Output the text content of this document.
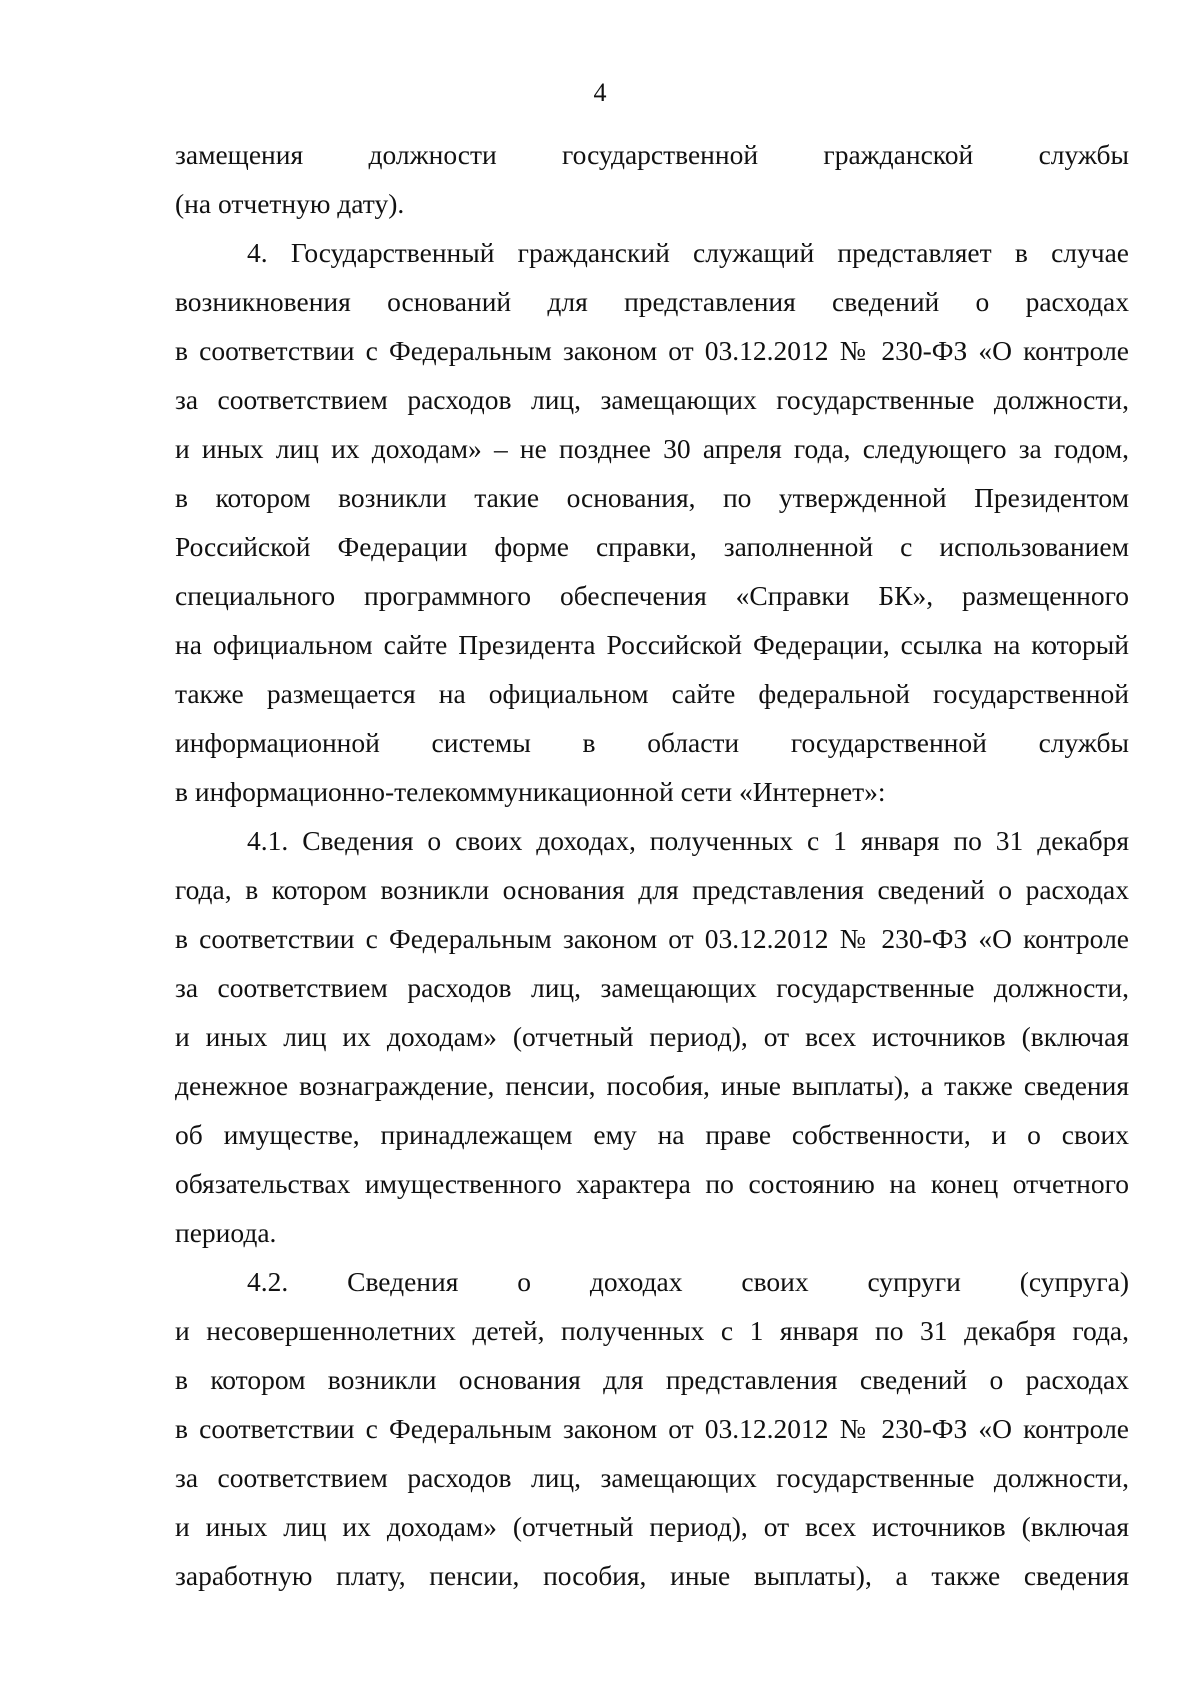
4
замещения должности государственной гражданской службы
(на отчетную дату).
4. Государственный гражданский служащий представляет в случае
возникновения оснований для представления сведений о расходах
в соответствии с Федеральным законом от 03.12.2012 № 230-ФЗ «О контроле
за соответствием расходов лиц, замещающих государственные должности,
и иных лиц их доходам» – не позднее 30 апреля года, следующего за годом,
в котором возникли такие основания, по утвержденной Президентом
Российской Федерации форме справки, заполненной с использованием
специального программного обеспечения «Справки БК», размещенного
на официальном сайте Президента Российской Федерации, ссылка на который
также размещается на официальном сайте федеральной государственной
информационной системы в области государственной службы
в информационно-телекоммуникационной сети «Интернет»:
4.1. Сведения о своих доходах, полученных с 1 января по 31 декабря
года, в котором возникли основания для представления сведений о расходах
в соответствии с Федеральным законом от 03.12.2012 № 230-ФЗ «О контроле
за соответствием расходов лиц, замещающих государственные должности,
и иных лиц их доходам» (отчетный период), от всех источников (включая
денежное вознаграждение, пенсии, пособия, иные выплаты), а также сведения
об имуществе, принадлежащем ему на праве собственности, и о своих
обязательствах имущественного характера по состоянию на конец отчетного
периода.
4.2. Сведения о доходах своих супруги (супруга)
и несовершеннолетних детей, полученных с 1 января по 31 декабря года,
в котором возникли основания для представления сведений о расходах
в соответствии с Федеральным законом от 03.12.2012 № 230-ФЗ «О контроле
за соответствием расходов лиц, замещающих государственные должности,
и иных лиц их доходам» (отчетный период), от всех источников (включая
заработную плату, пенсии, пособия, иные выплаты), а также сведения
